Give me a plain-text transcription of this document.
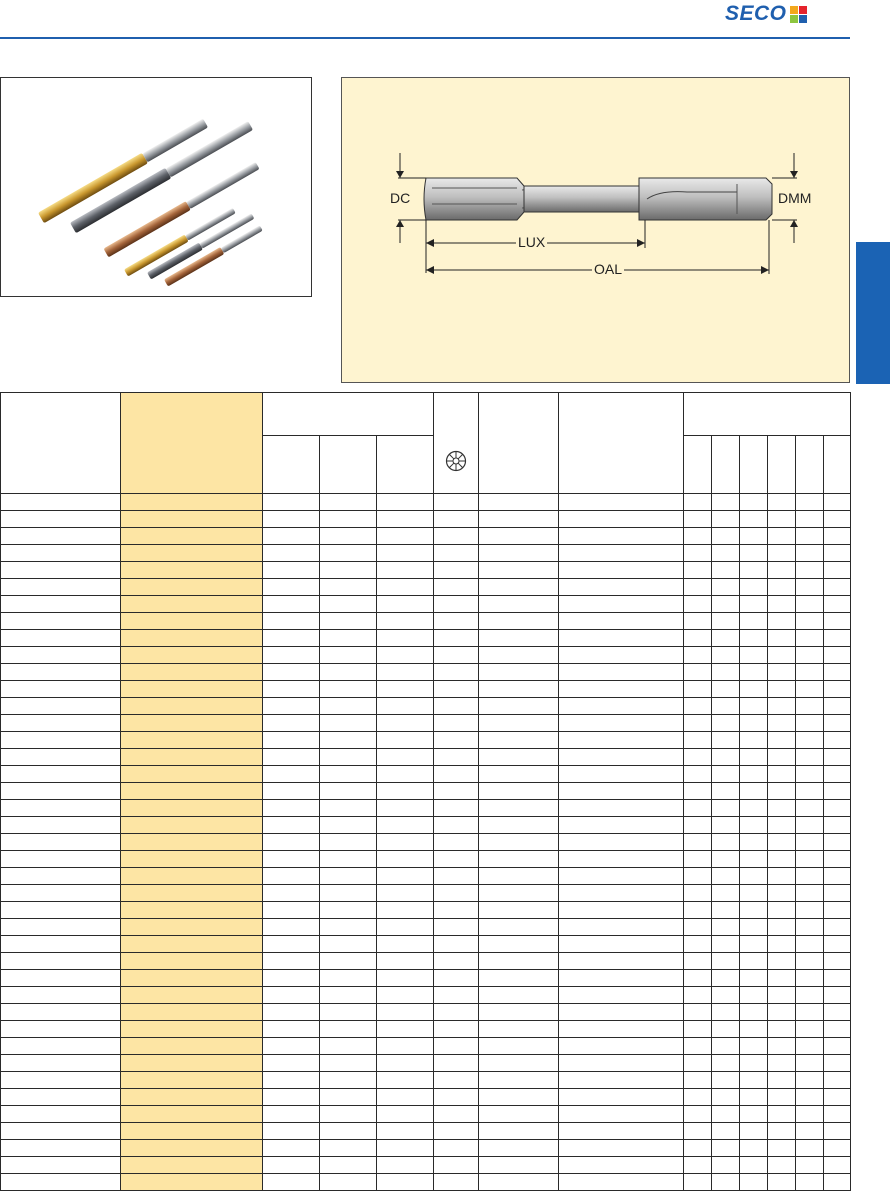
SECO
DC	DMM
LUX
OAL
